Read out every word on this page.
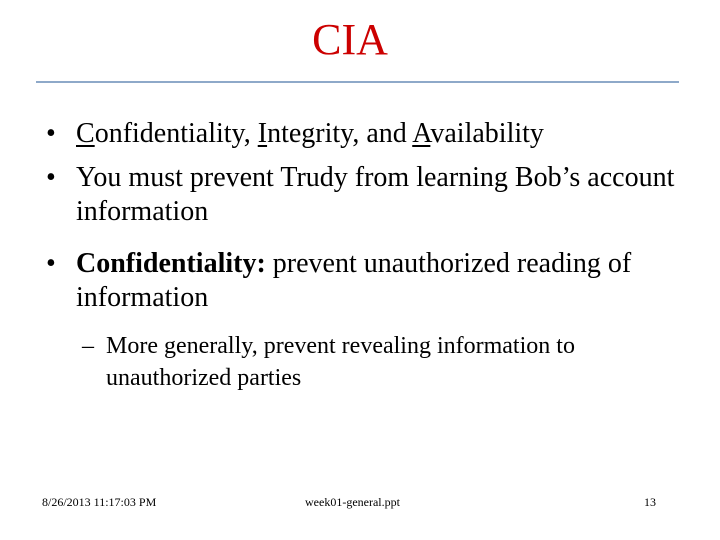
CIA
• Confidentiality, Integrity, and Availability
• You must prevent Trudy from learning Bob’s account information
• Confidentiality: prevent unauthorized reading of information
– More generally, prevent revealing information to unauthorized parties
8/26/2013 11:17:03 PM	week01-general.ppt	13
